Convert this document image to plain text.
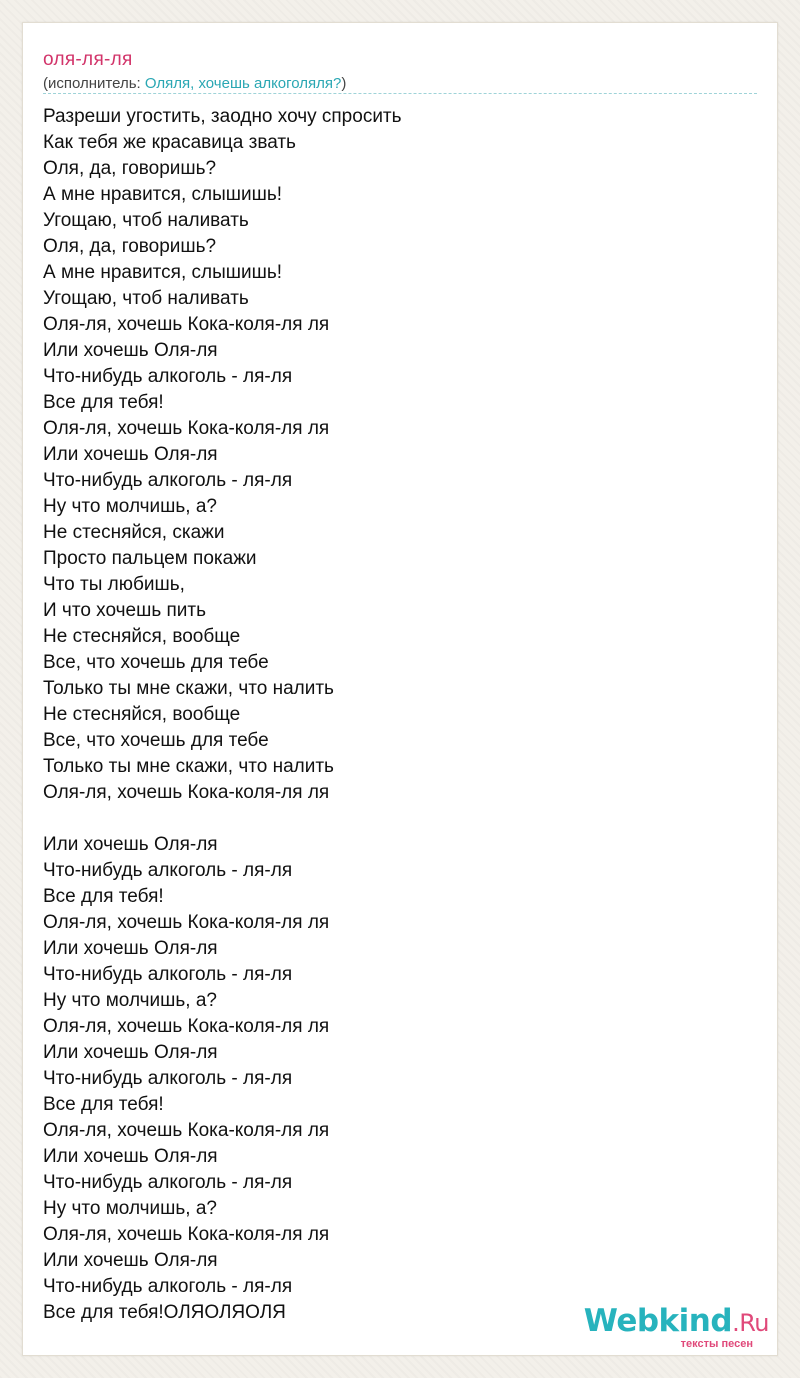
оля-ля-ля
(исполнитель: Оляля, хочешь алкоголяля?)
Разреши угостить, заодно хочу спросить
Как тебя же красавица звать
Оля, да, говоришь?
А мне нравится, слышишь!
Угощаю, чтоб наливать
Оля, да, говоришь?
А мне нравится, слышишь!
Угощаю, чтоб наливать
Оля-ля, хочешь Кока-коля-ля ля
Или хочешь Оля-ля
Что-нибудь алкоголь - ля-ля
Все для тебя!
Оля-ля, хочешь Кока-коля-ля ля
Или хочешь Оля-ля
Что-нибудь алкоголь - ля-ля
Ну что молчишь, а?
Не стесняйся, скажи
Просто пальцем покажи
Что ты любишь,
И что хочешь пить
Не стесняйся, вообще
Все, что хочешь для тебе
Только ты мне скажи, что налить
Не стесняйся, вообще
Все, что хочешь для тебе
Только ты мне скажи, что налить
Оля-ля, хочешь Кока-коля-ля ля
Или хочешь Оля-ля
Что-нибудь алкоголь - ля-ля
Все для тебя!
Оля-ля, хочешь Кока-коля-ля ля
Или хочешь Оля-ля
Что-нибудь алкоголь - ля-ля
Ну что молчишь, а?
Оля-ля, хочешь Кока-коля-ля ля
Или хочешь Оля-ля
Что-нибудь алкоголь - ля-ля
Все для тебя!
Оля-ля, хочешь Кока-коля-ля ля
Или хочешь Оля-ля
Что-нибудь алкоголь - ля-ля
Ну что молчишь, а?
Оля-ля, хочешь Кока-коля-ля ля
Или хочешь Оля-ля
Что-нибудь алкоголь - ля-ля
Все для тебя!ОЛЯОЛЯОЛЯ	Webkind.Ru
тексты песен
